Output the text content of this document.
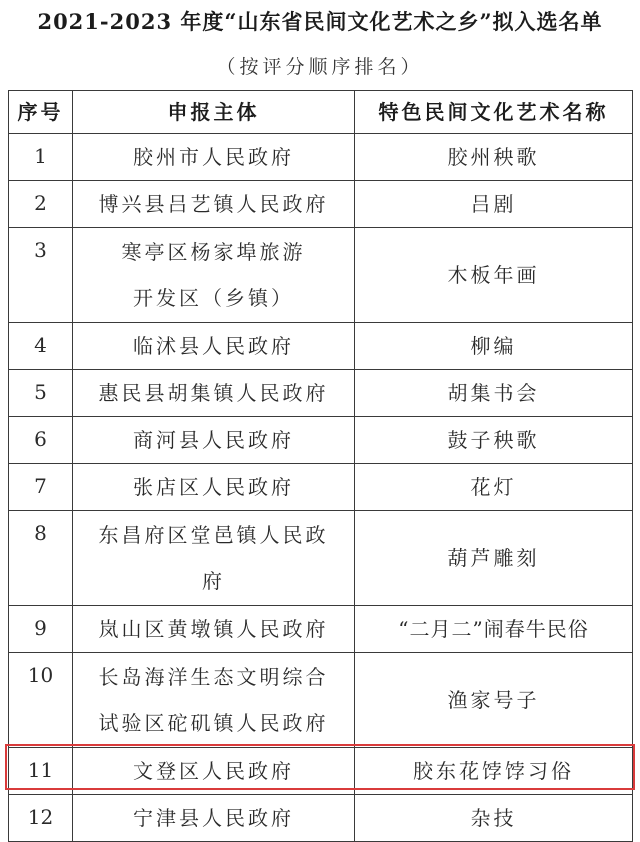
2021-2023 年度“山东省民间文化艺术之乡”拟入选名单
（按评分顺序排名）
序号	申报主体	特色民间文化艺术名称
1	胶州市人民政府	胶州秧歌
2	博兴县吕艺镇人民政府	吕剧
3	寒亭区杨家埠旅游
开发区（乡镇）	木板年画
4	临沭县人民政府	柳编
5	惠民县胡集镇人民政府	胡集书会
6	商河县人民政府	鼓子秧歌
7	张店区人民政府	花灯
8	东昌府区堂邑镇人民政
府	葫芦雕刻
9	岚山区黄墩镇人民政府	“二月二”闹春牛民俗
10	长岛海洋生态文明综合
试验区砣矶镇人民政府	渔家号子
11	文登区人民政府	胶东花饽饽习俗
12	宁津县人民政府	杂技
